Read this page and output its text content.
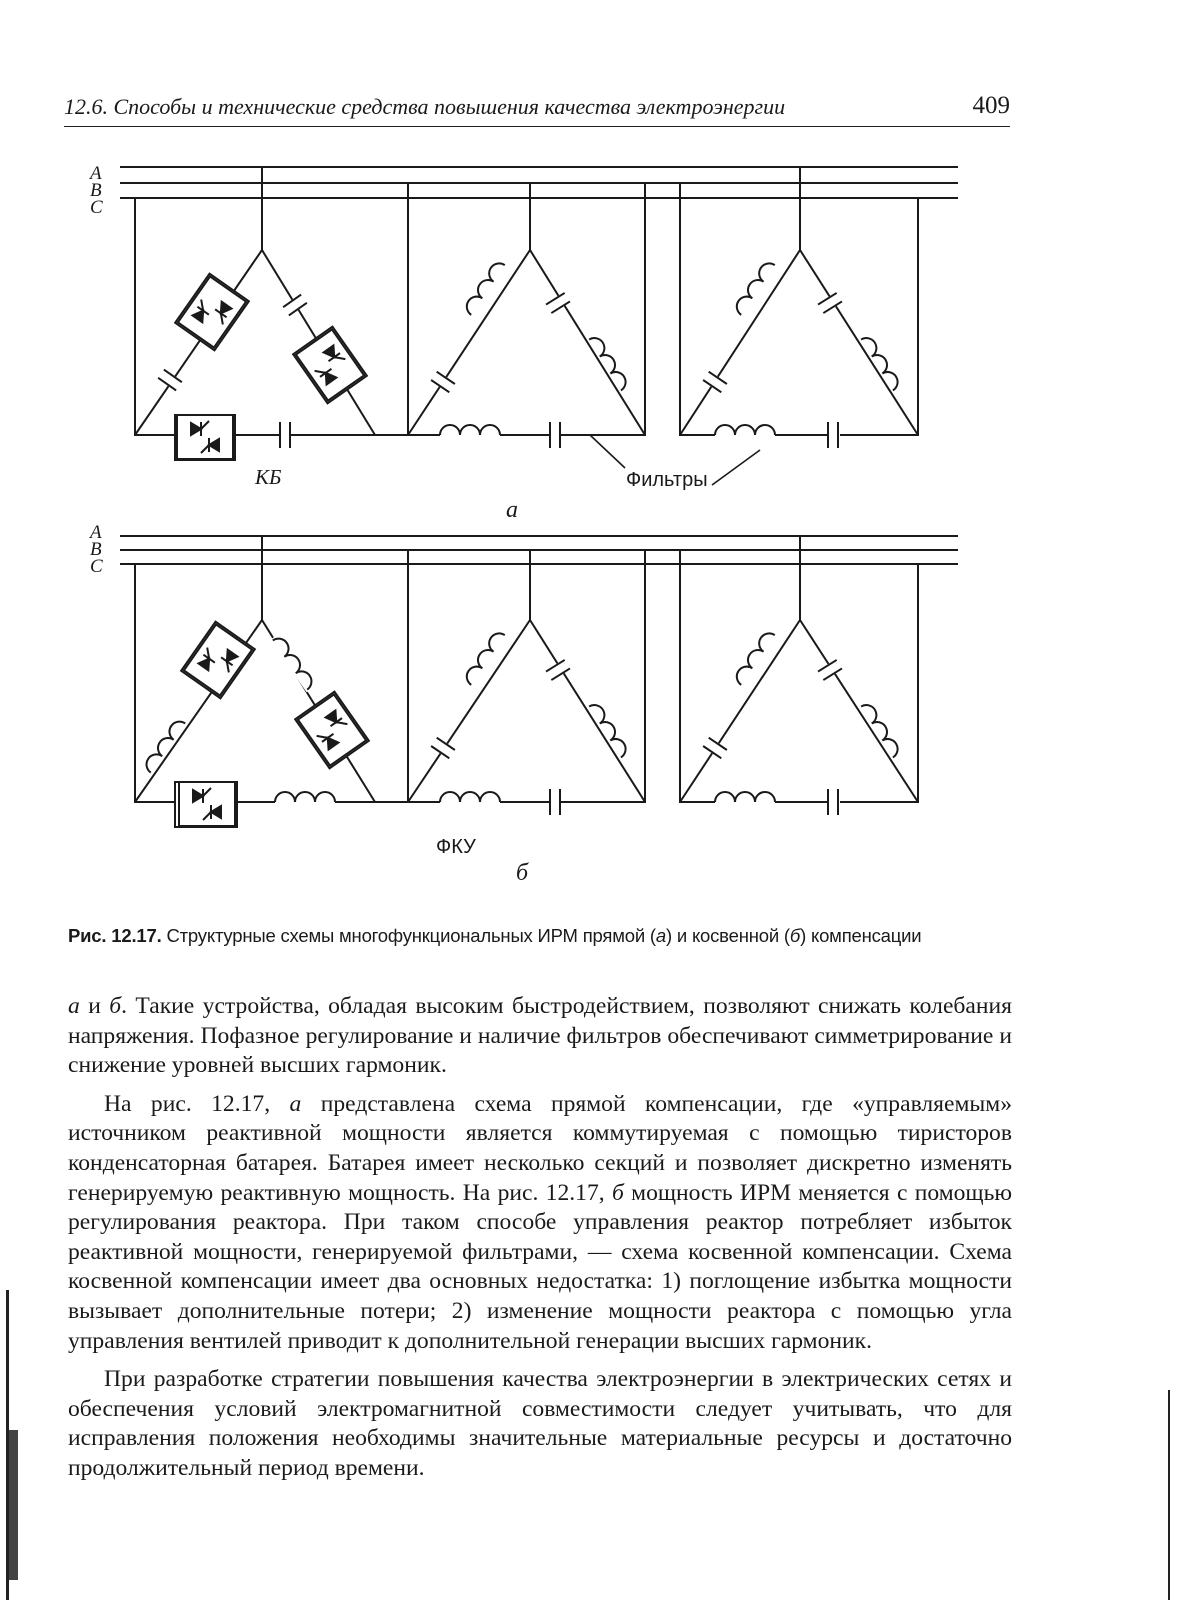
12.6. Способы и технические средства повышения качества электроэнергии	409
A
B
C
КБ	Фильтры
а
A
B
C
ФКУ
б
Рис. 12.17. Структурные схемы многофункциональных ИРМ прямой (а) и косвенной (б) компенсации

а и б. Такие устройства, обладая высоким быстродействием, позволяют снижать колебания напряжения. Пофазное регулирование и наличие фильтров обеспечивают симметрирование и снижение уровней высших гармоник.

На рис. 12.17, а представлена схема прямой компенсации, где «управляемым» источником реактивной мощности является коммутируемая с помощью тиристоров конденсаторная батарея. Батарея имеет несколько секций и позволяет дискретно изменять генерируемую реактивную мощность. На рис. 12.17, б мощность ИРМ меняется с помощью регулирования реактора. При таком способе управления реактор потребляет избыток реактивной мощности, генерируемой фильтрами, — схема косвенной компенсации. Схема косвенной компенсации имеет два основных недостатка: 1) поглощение избытка мощности вызывает дополнительные потери; 2) изменение мощности реактора с помощью угла управления вентилей приводит к дополнительной генерации высших гармоник.

При разработке стратегии повышения качества электроэнергии в электрических сетях и обеспечения условий электромагнитной совместимости следует учитывать, что для исправления положения необходимы значительные материальные ресурсы и достаточно продолжительный период времени.
